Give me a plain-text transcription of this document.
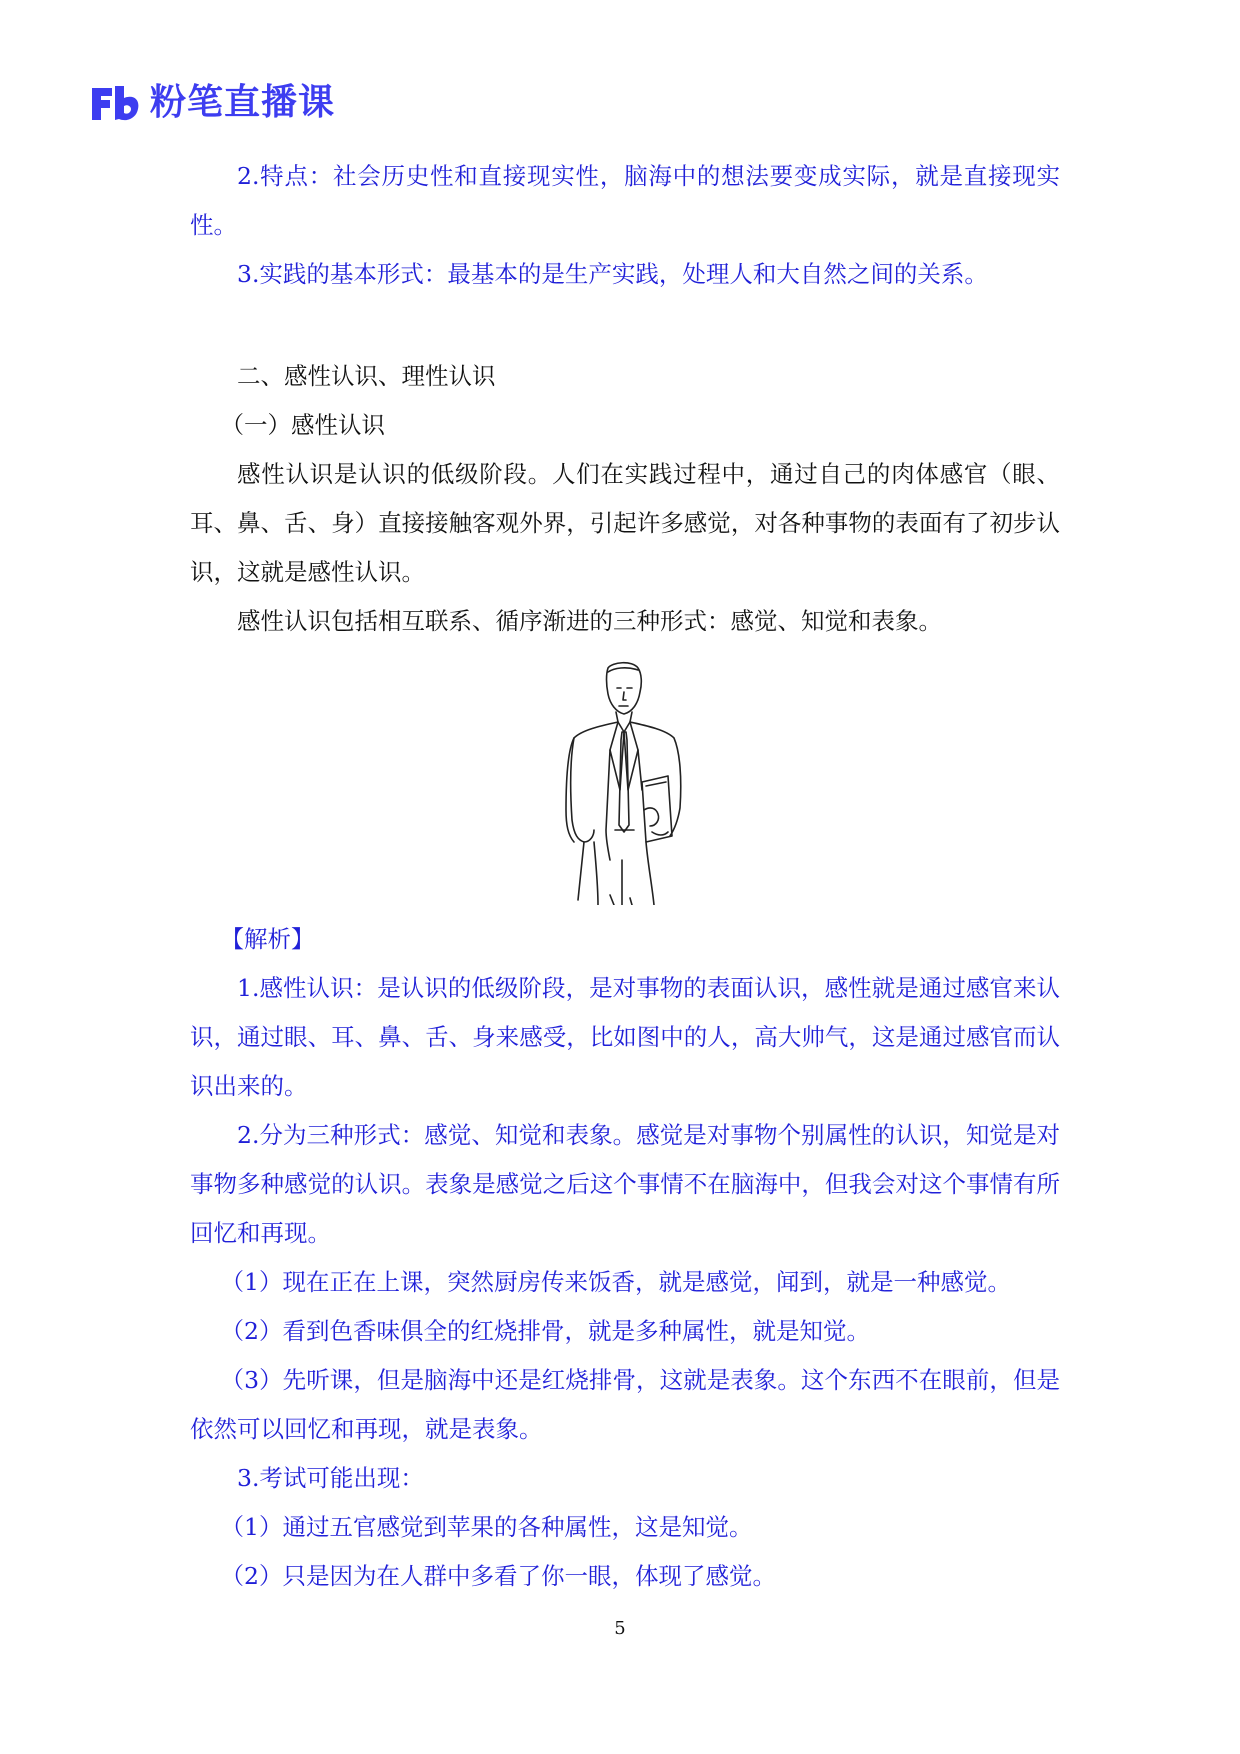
粉笔直播课

2.特点：社会历史性和直接现实性，脑海中的想法要变成实际，就是直接现实性。

3.实践的基本形式：最基本的是生产实践，处理人和大自然之间的关系。

二、感性认识、理性认识

（一）感性认识

感性认识是认识的低级阶段。人们在实践过程中，通过自己的肉体感官（眼、耳、鼻、舌、身）直接接触客观外界，引起许多感觉，对各种事物的表面有了初步认识，这就是感性认识。

感性认识包括相互联系、循序渐进的三种形式：感觉、知觉和表象。

【解析】

1.感性认识：是认识的低级阶段，是对事物的表面认识，感性就是通过感官来认识，通过眼、耳、鼻、舌、身来感受，比如图中的人，高大帅气，这是通过感官而认识出来的。

2.分为三种形式：感觉、知觉和表象。感觉是对事物个别属性的认识，知觉是对事物多种感觉的认识。表象是感觉之后这个事情不在脑海中，但我会对这个事情有所回忆和再现。

（1）现在正在上课，突然厨房传来饭香，就是感觉，闻到，就是一种感觉。

（2）看到色香味俱全的红烧排骨，就是多种属性，就是知觉。

（3）先听课，但是脑海中还是红烧排骨，这就是表象。这个东西不在眼前，但是依然可以回忆和再现，就是表象。

3.考试可能出现：

（1）通过五官感觉到苹果的各种属性，这是知觉。

（2）只是因为在人群中多看了你一眼，体现了感觉。

5
